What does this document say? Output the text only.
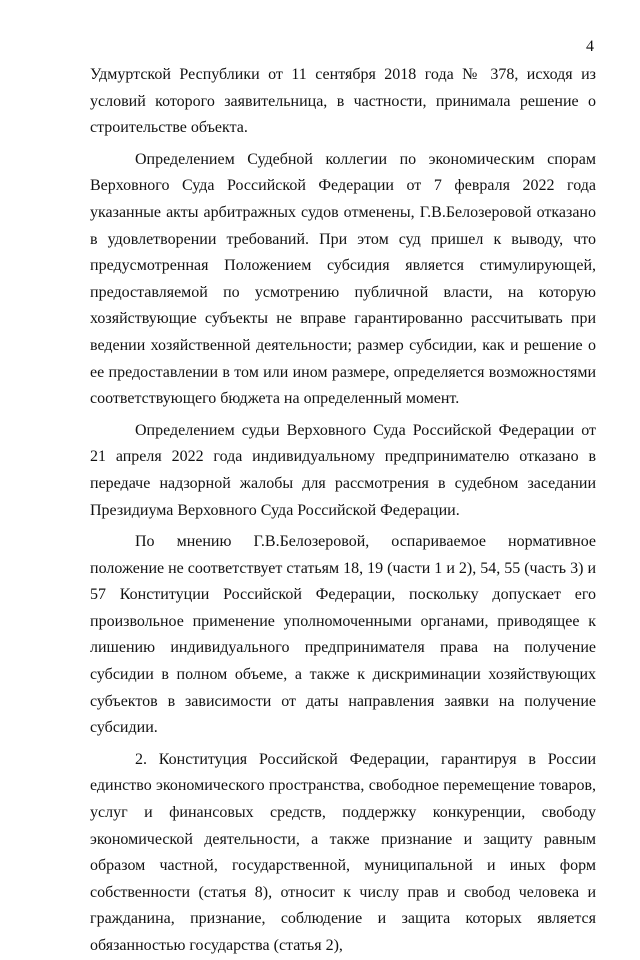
4

Удмуртской Республики от 11 сентября 2018 года № 378, исходя из условий которого заявительница, в частности, принимала решение о строительстве объекта.

Определением Судебной коллегии по экономическим спорам Верховного Суда Российской Федерации от 7 февраля 2022 года указанные акты арбитражных судов отменены, Г.В.Белозеровой отказано в удовлетворении требований. При этом суд пришел к выводу, что предусмотренная Положением субсидия является стимулирующей, предоставляемой по усмотрению публичной власти, на которую хозяйствующие субъекты не вправе гарантированно рассчитывать при ведении хозяйственной деятельности; размер субсидии, как и решение о ее предоставлении в том или ином размере, определяется возможностями соответствующего бюджета на определенный момент.

Определением судьи Верховного Суда Российской Федерации от 21 апреля 2022 года индивидуальному предпринимателю отказано в передаче надзорной жалобы для рассмотрения в судебном заседании Президиума Верховного Суда Российской Федерации.

По мнению Г.В.Белозеровой, оспариваемое нормативное положение не соответствует статьям 18, 19 (части 1 и 2), 54, 55 (часть 3) и 57 Конституции Российской Федерации, поскольку допускает его произвольное применение уполномоченными органами, приводящее к лишению индивидуального предпринимателя права на получение субсидии в полном объеме, а также к дискриминации хозяйствующих субъектов в зависимости от даты направления заявки на получение субсидии.

2. Конституция Российской Федерации, гарантируя в России единство экономического пространства, свободное перемещение товаров, услуг и финансовых средств, поддержку конкуренции, свободу экономической деятельности, а также признание и защиту равным образом частной, государственной, муниципальной и иных форм собственности (статья 8), относит к числу прав и свобод человека и гражданина, признание, соблюдение и защита которых является обязанностью государства (статья 2),
